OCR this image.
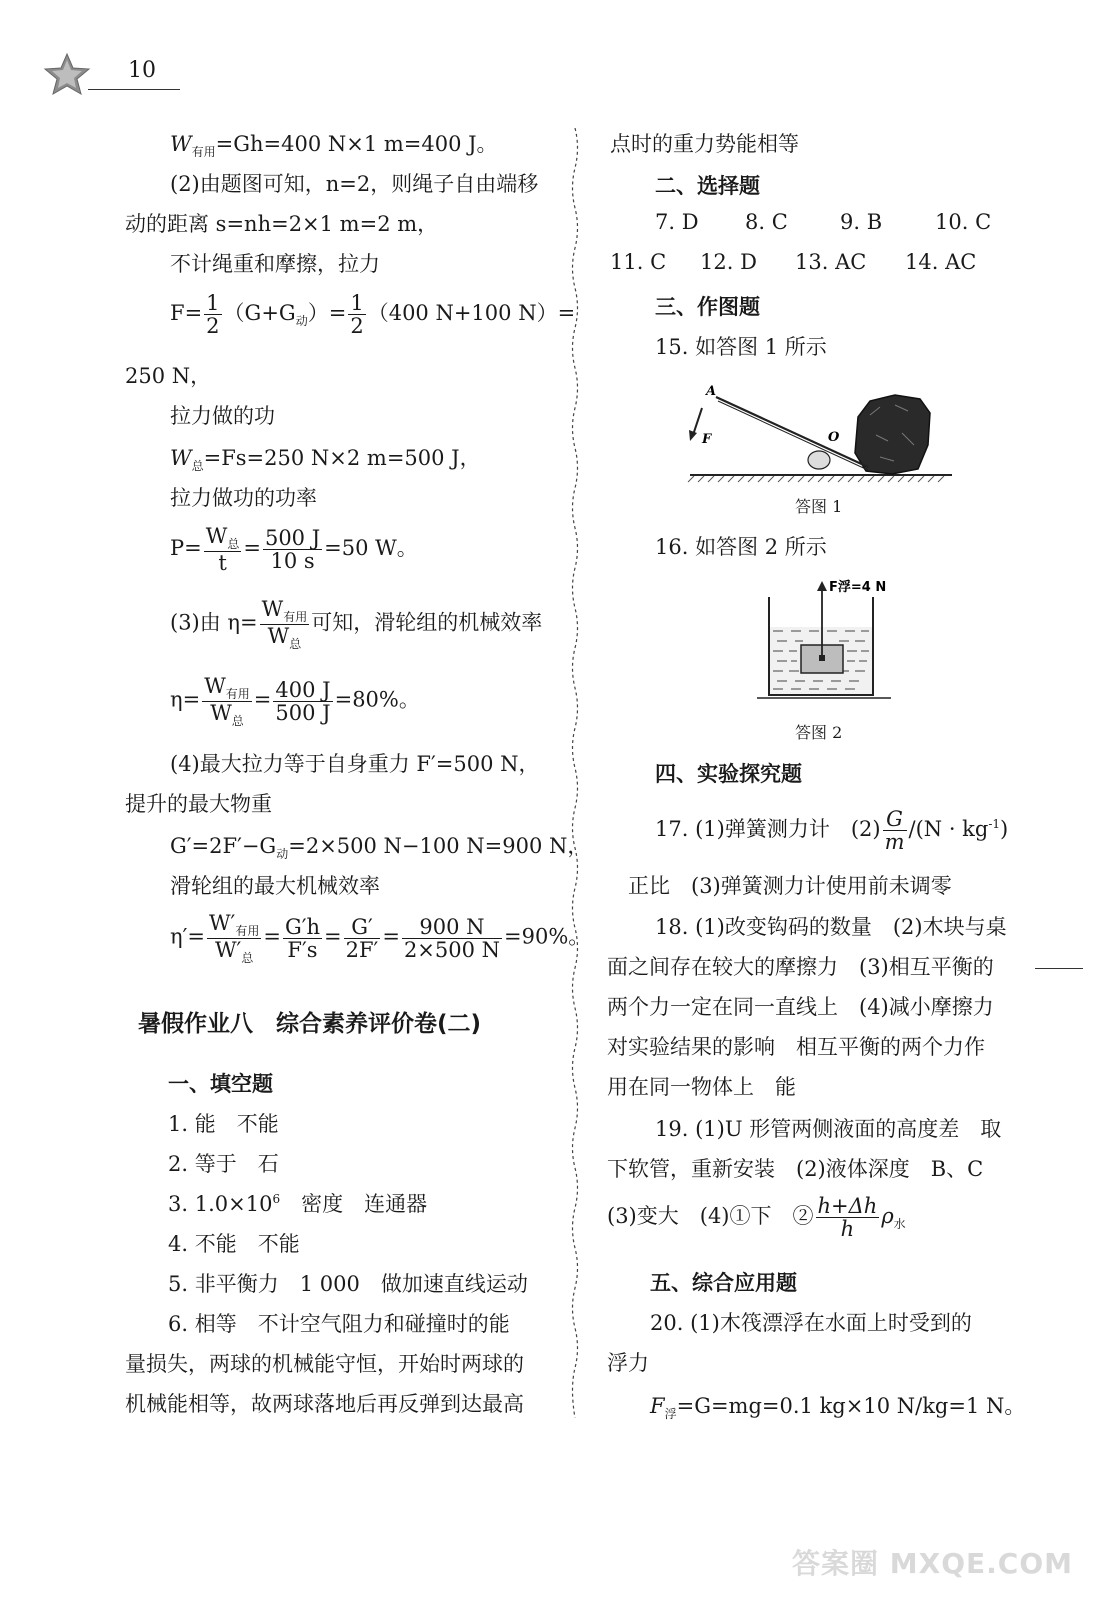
10
$W_{有用}=Gh=400$ N×1 m=400 J。
(2)由题图可知，n=2，则绳子自由端移
动的距离 s=nh=2×1 m=2 m，
不计绳重和摩擦，拉力
$F= \frac{1}{2} (G+G_动)= \frac{1}{2} (400$ N+100 N）=
250 N，
拉力做的功
$W_总=Fs=250$ N×2 m=500 J，
拉力做功的功率
$P= \frac{W_总}{t} = \frac{500 J}{10 s} =50$ W。
(3)由 $\eta= \frac{W_{有用}}{W_总}$ 可知，滑轮组的机械效率
$\eta= \frac{W_{有用}}{W_总} = \frac{400 J}{500 J} =80\%$。
(4)最大拉力等于自身重力 F′=500 N，
提升的最大物重
$G'=2F'-G_动=2\times 500$ N−100 N=900 N，
滑轮组的最大机械效率
$\eta'= \frac{W'_{有用}}{W'_总} = \frac{G'h}{F's} = \frac{G'}{2F'} = \frac{900 N}{2\times 500 N} =90\%$。
暑假作业八　综合素养评价卷(二)
一、填空题
1. 能　不能
2. 等于　石
3. $1.0\times 10^6$　密度　连通器
4. 不能　不能
5. 非平衡力　1 000　做加速直线运动
6. 相等　不计空气阻力和碰撞时的能
量损失，两球的机械能守恒，开始时两球的
机械能相等，故两球落地后再反弹到达最高
点时的重力势能相等
二、选择题
7. D 8. C 9. B	10. C
11. C 12. D 13. AC 14. AC
三、作图题
15. 如答图 1 所示
A
O
F
答图 1
16. 如答图 2 所示
F浮=4 N
答图 2
四、实验探究题
17. (1)弹簧测力计　$(2) \frac{G}{m} /(N \cdot kg^{-1})$
正比　(3)弹簧测力计使用前未调零
18. (1)改变钩码的数量　(2)木块与桌
面之间存在较大的摩擦力　(3)相互平衡的
两个力一定在同一直线上　(4)减小摩擦力
对实验结果的影响　相互平衡的两个力作
用在同一物体上　能
19. (1)U 形管两侧液面的高度差　取
下软管，重新安装　(2)液体深度　B、C
(3)变大　(4)①下　② $\frac{h+\Delta h}{h} \rho_水$
五、综合应用题
20. (1)木筏漂浮在水面上时受到的
浮力
$F_浮=G=mg=0.1$ kg×10 N/kg=1 N。
答案圈 MXQE.COM
